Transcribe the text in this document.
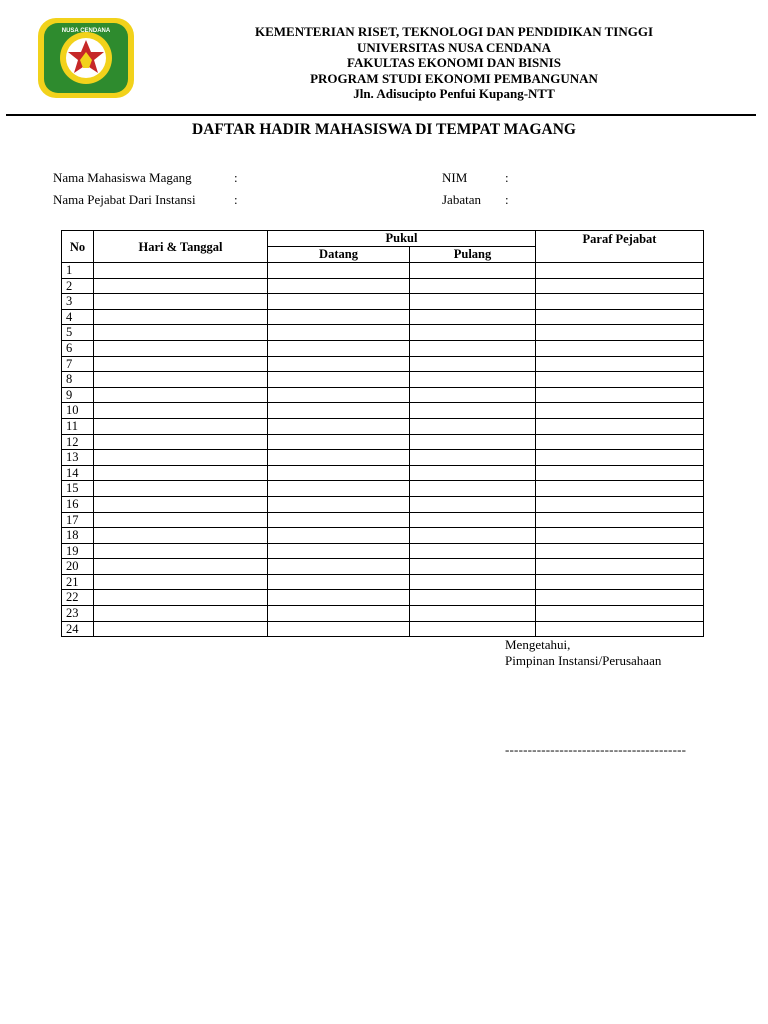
NUSA CENDANA	KEMENTERIAN RISET, TEKNOLOGI DAN PENDIDIKAN TINGGI
UNIVERSITAS NUSA CENDANA
FAKULTAS EKONOMI DAN BISNIS
PROGRAM STUDI EKONOMI PEMBANGUNAN
Jln. Adisucipto Penfui Kupang-NTT
DAFTAR HADIR MAHASISWA DI TEMPAT MAGANG
Nama Mahasiswa Magang	:
Nama Pejabat Dari Instansi	:
NIM	:
Jabatan :
No	Hari & Tanggal	Pukul		Paraf Pejabat
		Datang	Pulang	
1				
2				
3				
4				
5				
6				
7				
8				
9				
10				
11				
12				
13				
14				
15				
16				
17				
18				
19				
20				
21				
22				
23				
24				
Mengetahui,
Pimpinan Instansi/Perusahaan
----------------------------------------
